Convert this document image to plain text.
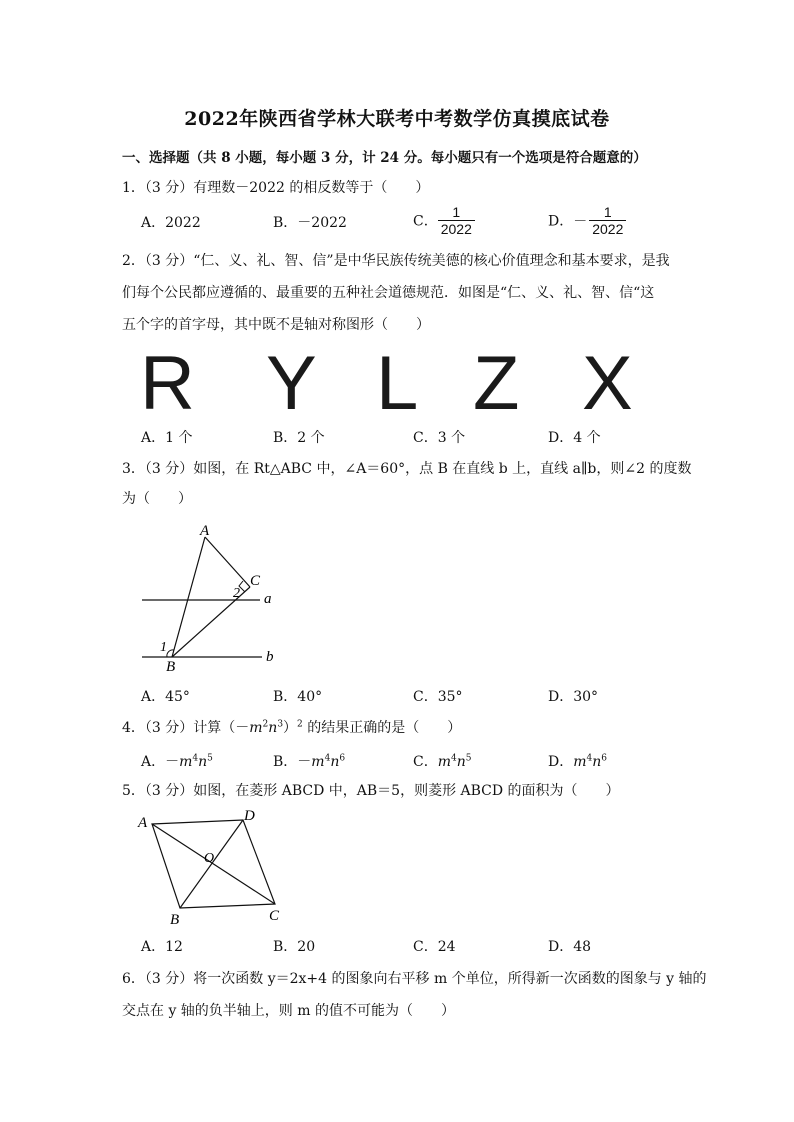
2022年陕西省学林大联考中考数学仿真摸底试卷
一、选择题（共 8 小题，每小题 3 分，计 24 分。每小题只有一个选项是符合题意的）
1．（3 分）有理数－2022 的相反数等于（　　）
A．2022	B．－2022	C． $\frac{1}{2022}$	D．－ $\frac{1}{2022}$
2．（3 分）“仁、义、礼、智、信”是中华民族传统美德的核心价值理念和基本要求，是我
们每个公民都应遵循的、最重要的五种社会道德规范．如图是“仁、义、礼、智、信“这
五个字的首字母，其中既不是轴对称图形（　　）
R Y L Z X
A．1 个	B．2 个	C．3 个	D．4 个
3．（3 分）如图，在 Rt△ABC 中，∠A＝60°，点 B 在直线 b 上，直线 a∥b，则∠2 的度数
为（　　）
A
C
2 a
1
B
b
A．45°	B．40°	C．35°	D．30°
4．（3 分）计算$(-m^2n^3)^2$ 的结果正确的是（　　）
A．$-m^4n^5$	B．$-m^4n^6$	C．$m^4n^5$	D．$m^4n^6$
5．（3 分）如图，在菱形 ABCD 中，AB＝5，则菱形 ABCD 的面积为（　　）
A	D
O
B	C
A．12	B．20	C．24	D．48
6．（3 分）将一次函数 y＝2x+4 的图象向右平移 m 个单位，所得新一次函数的图象与 y 轴的
交点在 y 轴的负半轴上，则 m 的值不可能为（　　）
